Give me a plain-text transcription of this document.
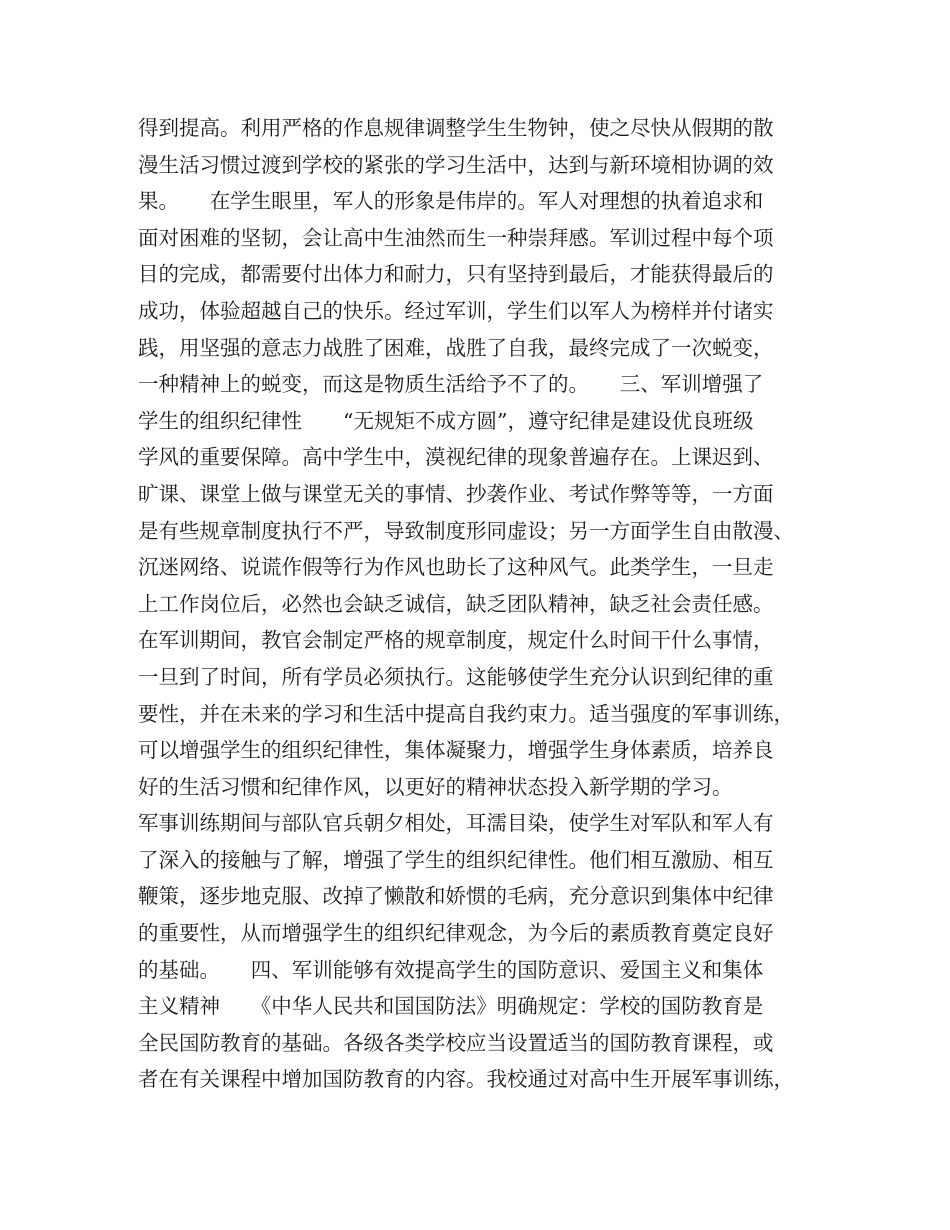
得到提高。利用严格的作息规律调整学生生物钟，使之尽快从假期的散
漫生活习惯过渡到学校的紧张的学习生活中，达到与新环境相协调的效
果。　　在学生眼里，军人的形象是伟岸的。军人对理想的执着追求和
面对困难的坚韧，会让高中生油然而生一种崇拜感。军训过程中每个项
目的完成，都需要付出体力和耐力，只有坚持到最后，才能获得最后的
成功，体验超越自己的快乐。经过军训，学生们以军人为榜样并付诸实
践，用坚强的意志力战胜了困难，战胜了自我，最终完成了一次蜕变，
一种精神上的蜕变，而这是物质生活给予不了的。　　三、军训增强了
学生的组织纪律性　　“无规矩不成方圆”，遵守纪律是建设优良班级
学风的重要保障。高中学生中，漠视纪律的现象普遍存在。上课迟到、
旷课、课堂上做与课堂无关的事情、抄袭作业、考试作弊等等，一方面
是有些规章制度执行不严，导致制度形同虚设；另一方面学生自由散漫、
沉迷网络、说谎作假等行为作风也助长了这种风气。此类学生，一旦走
上工作岗位后，必然也会缺乏诚信，缺乏团队精神，缺乏社会责任感。
在军训期间，教官会制定严格的规章制度，规定什么时间干什么事情，
一旦到了时间，所有学员必须执行。这能够使学生充分认识到纪律的重
要性，并在未来的学习和生活中提高自我约束力。适当强度的军事训练，
可以增强学生的组织纪律性，集体凝聚力，增强学生身体素质，培养良
好的生活习惯和纪律作风，以更好的精神状态投入新学期的学习。
军事训练期间与部队官兵朝夕相处，耳濡目染，使学生对军队和军人有
了深入的接触与了解，增强了学生的组织纪律性。他们相互激励、相互
鞭策，逐步地克服、改掉了懒散和娇惯的毛病，充分意识到集体中纪律
的重要性，从而增强学生的组织纪律观念，为今后的素质教育奠定良好
的基础。　　四、军训能够有效提高学生的国防意识、爱国主义和集体
主义精神　　《中华人民共和国国防法》明确规定：学校的国防教育是
全民国防教育的基础。各级各类学校应当设置适当的国防教育课程，或
者在有关课程中增加国防教育的内容。我校通过对高中生开展军事训练，
